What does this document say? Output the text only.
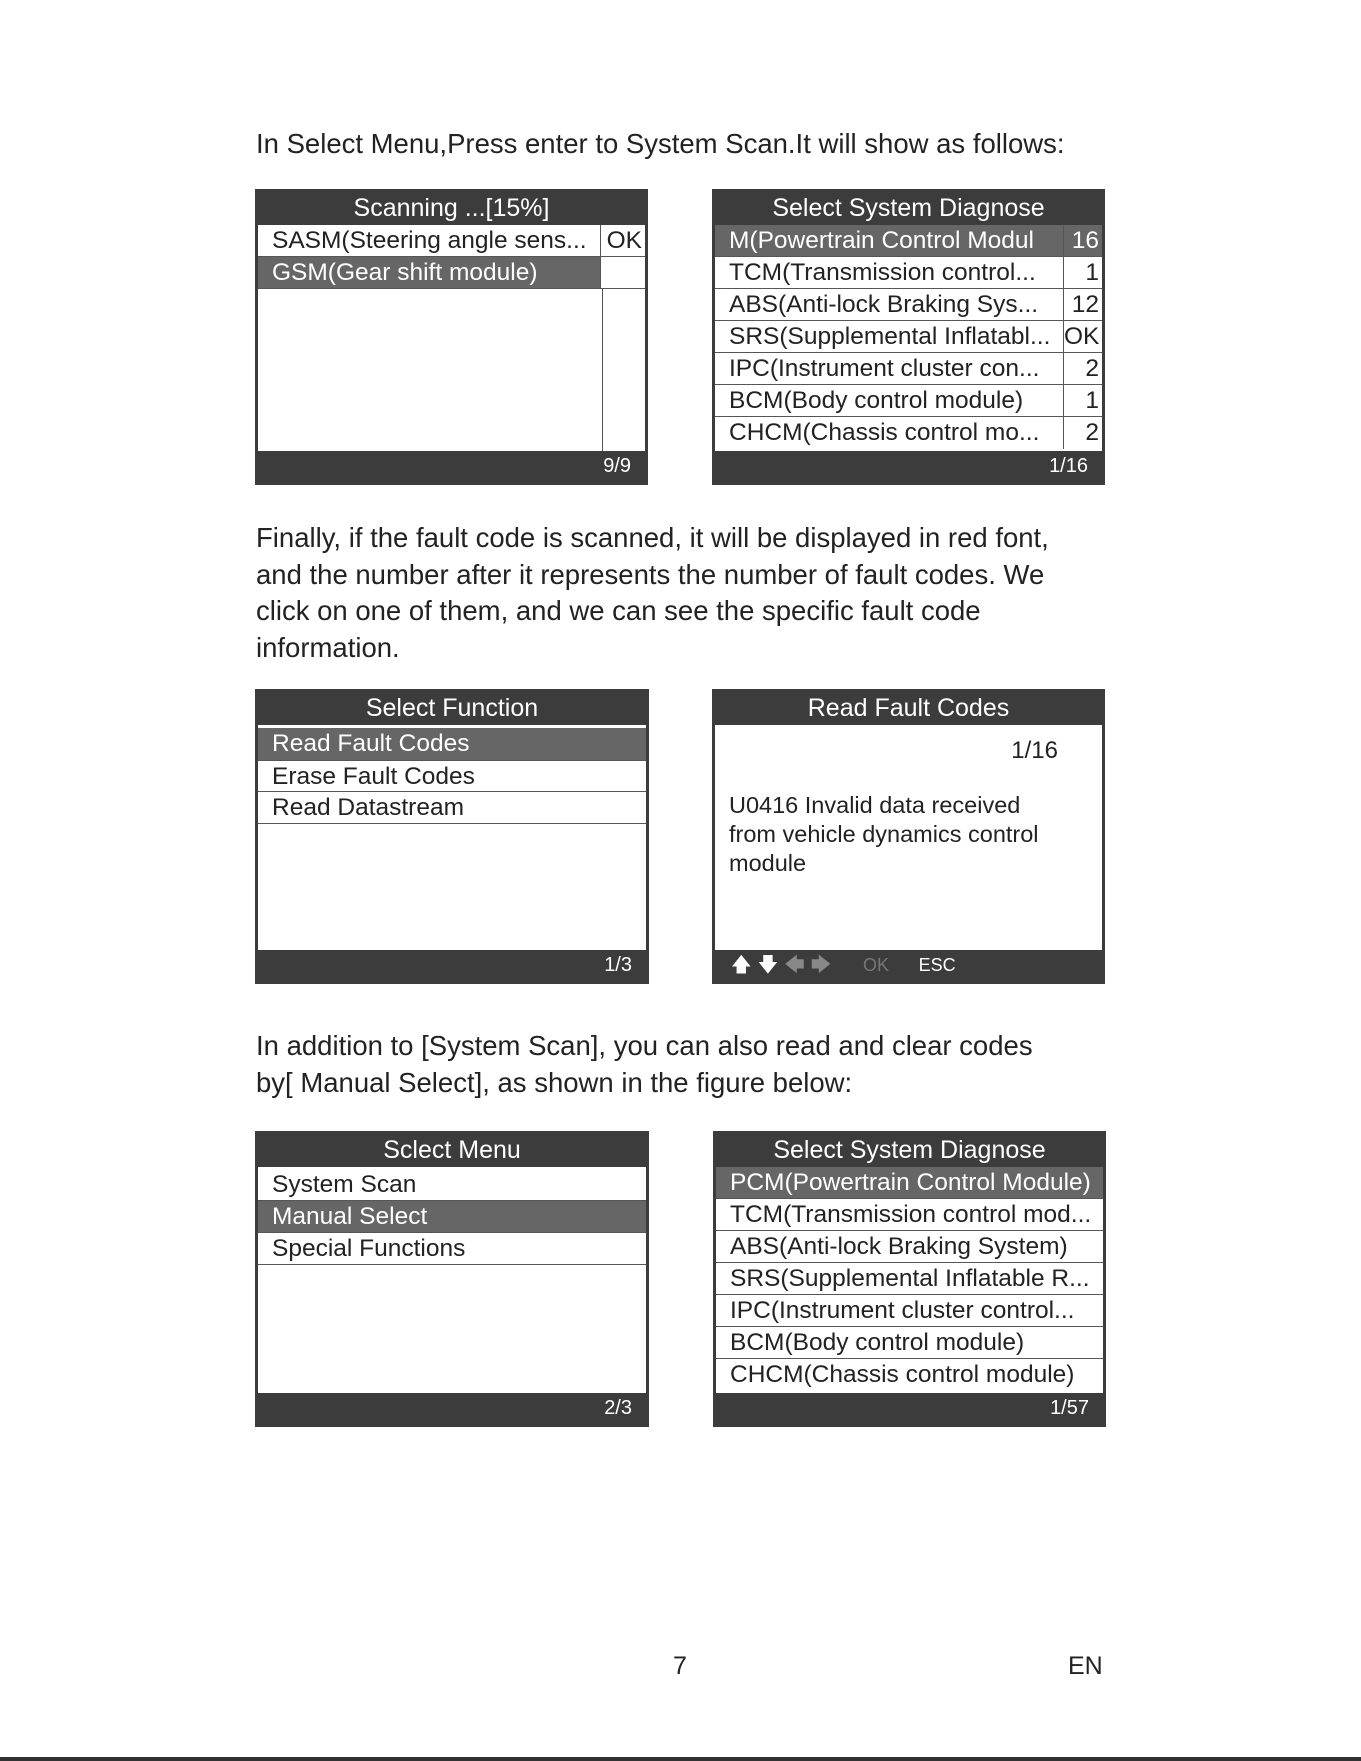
In Select Menu,Press enter to System Scan.It will show as follows:

Scanning ...[15%]
SASM(Steering angle sens... OK
GSM(Gear shift module)
9/9
Select System Diagnose
M(Powertrain Control Modul	16
TCM(Transmission control...	1
ABS(Anti-lock Braking Sys...	12
SRS(Supplemental Inflatabl... OK
IPC(Instrument cluster con...	2
BCM(Body control module)	1
CHCM(Chassis control mo...	2
1/16
Finally, if the fault code is scanned, it will be displayed in red font,
and the number after it represents the number of fault codes. We
click on one of them, and we can see the specific fault code
information.
Select Function
Read Fault Codes
Erase Fault Codes
Read Datastream
1/3
Read Fault Codes
1/16
U0416 Invalid data received
from vehicle dynamics control
module
🡅 🡇 🡄 🡆 OK ESC
In addition to [System Scan], you can also read and clear codes
by[ Manual Select], as shown in the figure below:
Sclect Menu
System Scan
Manual Select
Special Functions
2/3
Select System Diagnose
PCM(Powertrain Control Module)
TCM(Transmission control mod...
ABS(Anti-lock Braking System)
SRS(Supplemental Inflatable R...
IPC(Instrument cluster control...
BCM(Body control module)
CHCM(Chassis control module)
1/57
7	EN
